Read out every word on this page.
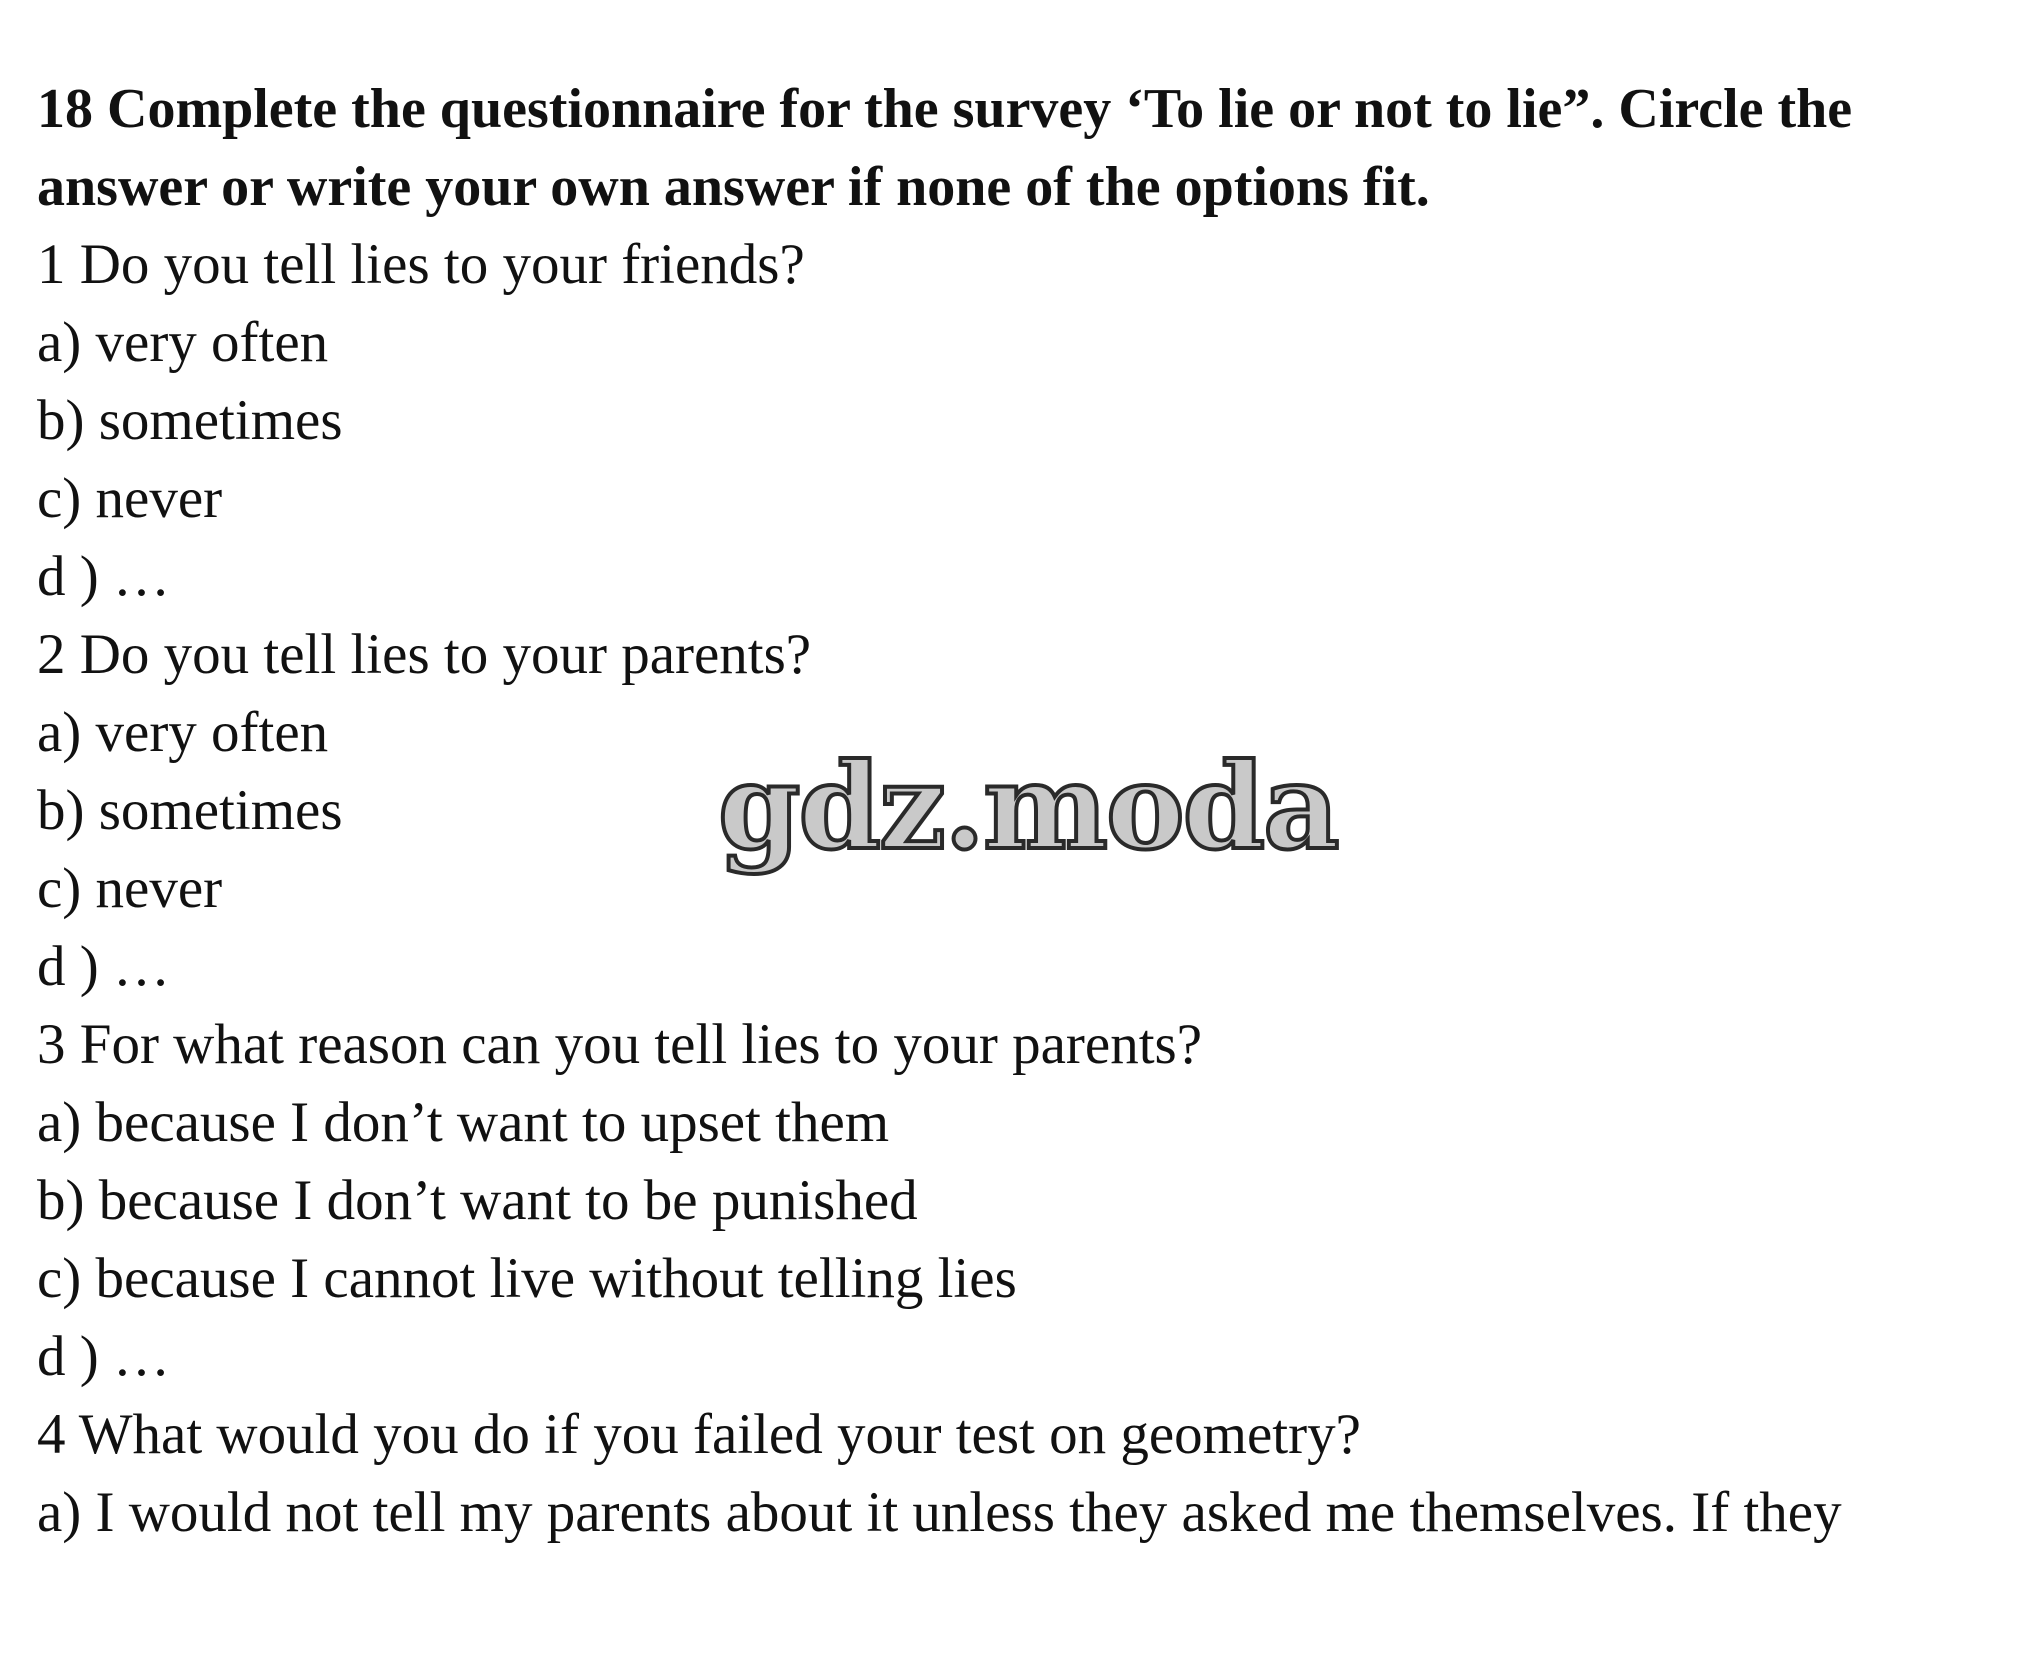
18 Complete the questionnaire for the survey ‘To lie or not to lie”. Circle the answer or write your own answer if none of the options fit.

1 Do you tell lies to your friends?
a) very often
b) sometimes
c) never
d ) …
2 Do you tell lies to your parents?
a) very often
b) sometimes
c) never
d ) …
3 For what reason can you tell lies to your parents?
a) because I don’t want to upset them
b) because I don’t want to be punished
c) because I cannot live without telling lies
d ) …
4 What would you do if you failed your test on geometry?
a) I would not tell my parents about it unless they asked me themselves. If they
gdz.moda
